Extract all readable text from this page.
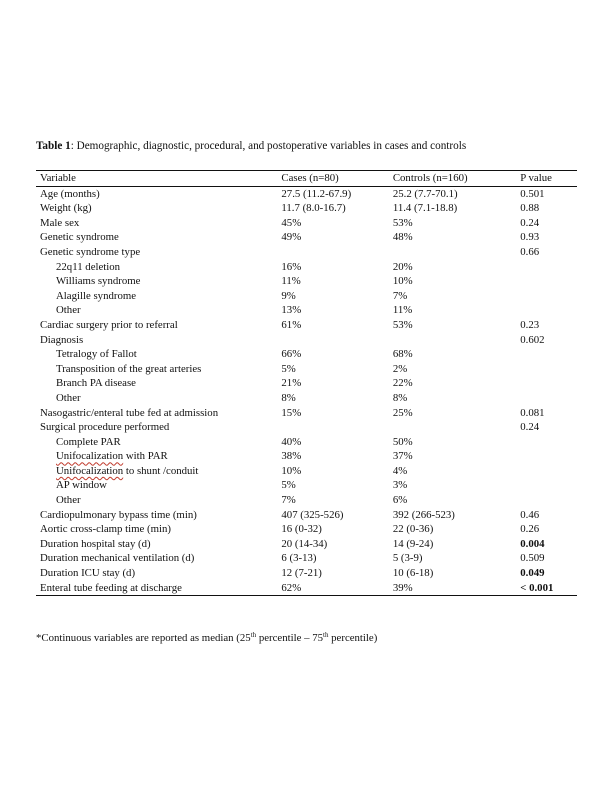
Table 1: Demographic, diagnostic, procedural, and postoperative variables in cases and controls
Variable	Cases (n=80)	Controls (n=160)	P value
Age (months)	27.5 (11.2-67.9)	25.2 (7.7-70.1)	0.501
Weight (kg)	11.7 (8.0-16.7)	11.4 (7.1-18.8)	0.88
Male sex	45%	53%	0.24
Genetic syndrome	49%	48%	0.93
Genetic syndrome type			0.66
22q11 deletion	16%	20%	
Williams syndrome	11%	10%	
Alagille syndrome	9%	7%	
Other	13%	11%	
Cardiac surgery prior to referral	61%	53%	0.23
Diagnosis			0.602
Tetralogy of Fallot	66%	68%	
Transposition of the great arteries	5%	2%	
Branch PA disease	21%	22%	
Other	8%	8%	
Nasogastric/enteral tube fed at admission	15%	25%	0.081
Surgical procedure performed			0.24
Complete PAR	40%	50%	
Unifocalization with PAR	38%	37%	
Unifocalization to shunt /conduit	10%	4%	
AP window	5%	3%	
Other	7%	6%	
Cardiopulmonary bypass time (min)	407 (325-526)	392 (266-523)	0.46
Aortic cross-clamp time (min)	16 (0-32)	22 (0-36)	0.26
Duration hospital stay (d)	20 (14-34)	14 (9-24)	0.004
Duration mechanical ventilation (d)	6 (3-13)	5 (3-9)	0.509
Duration ICU stay (d)	12 (7-21)	10 (6-18)	0.049
Enteral tube feeding at discharge	62%	39%	< 0.001
*Continuous variables are reported as median (25th percentile – 75th percentile)
